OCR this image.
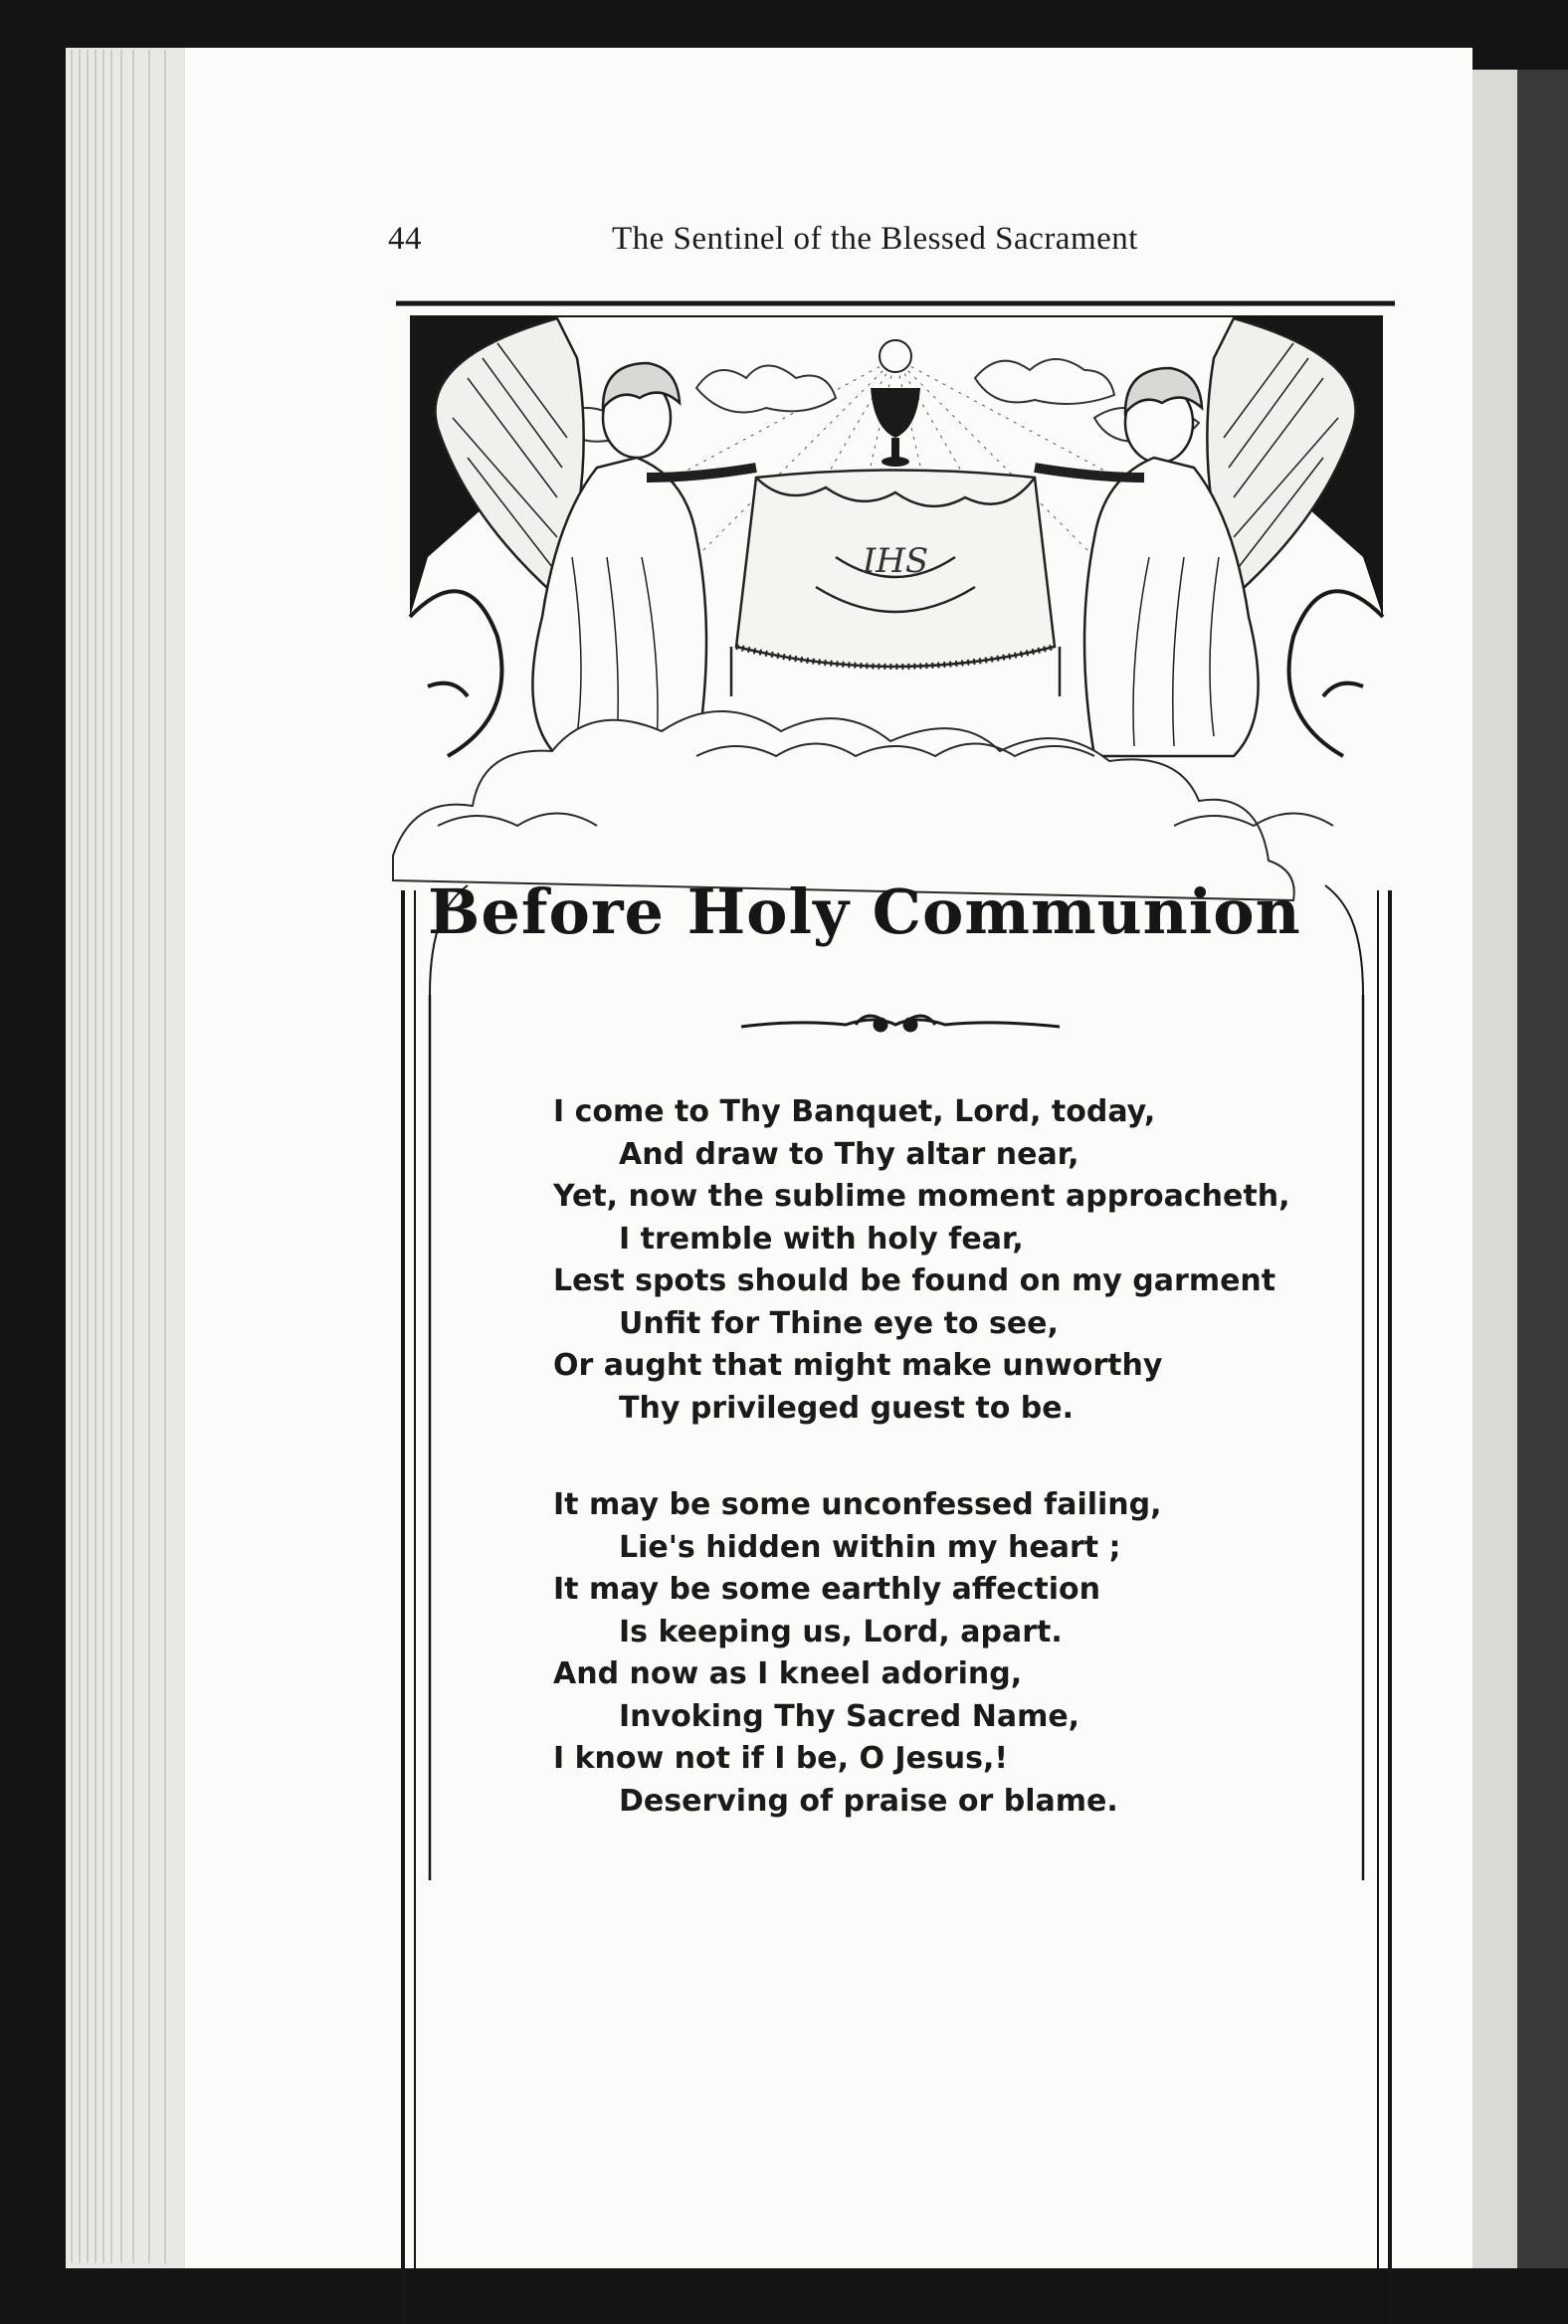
IHS
44	The Sentinel of the Blessed Sacrament
Before Holy Communion
I come to Thy Banquet, Lord, today,
And draw to Thy altar near,
Yet, now the sublime moment approacheth,
I tremble with holy fear,
Lest spots should be found on my garment
Unfit for Thine eye to see,
Or aught that might make unworthy
Thy privileged guest to be.
It may be some unconfessed failing,
Lie's hidden within my heart ;
It may be some earthly affection
Is keeping us, Lord, apart.
And now as I kneel adoring,
Invoking Thy Sacred Name,
I know not if I be, O Jesus,!
Deserving of praise or blame.
